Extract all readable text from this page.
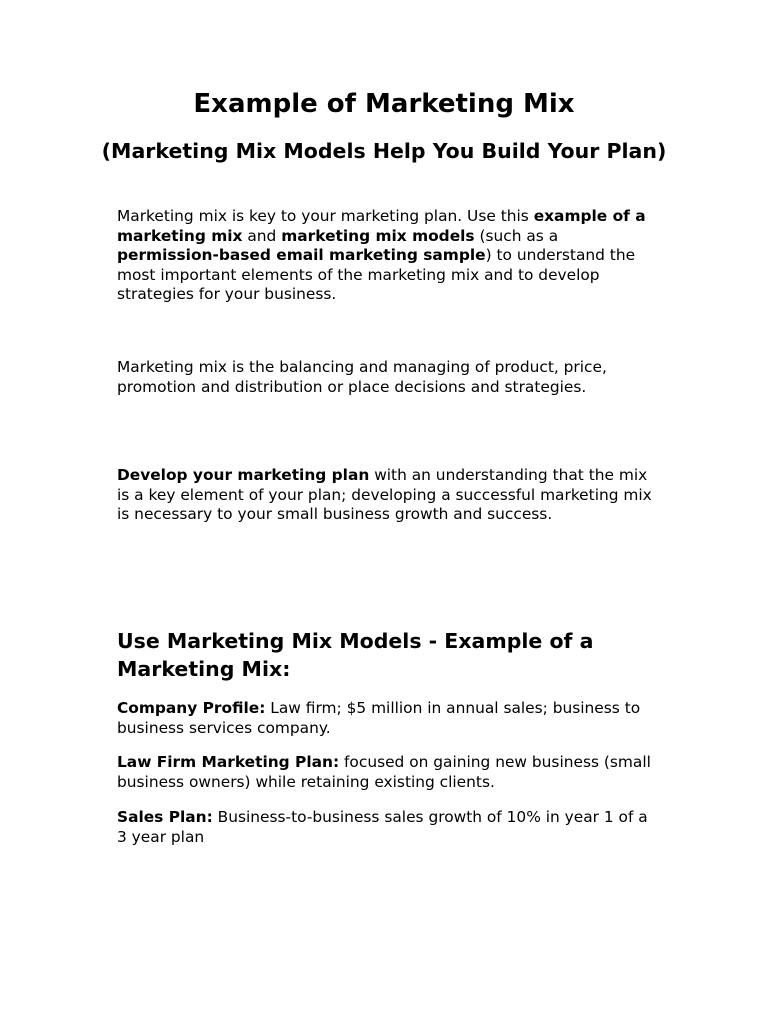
Example of Marketing Mix
(Marketing Mix Models Help You Build Your Plan)

Marketing mix is key to your marketing plan. Use this example of a marketing mix and marketing mix models (such as a permission-based email marketing sample) to understand the most important elements of the marketing mix and to develop strategies for your business.

Marketing mix is the balancing and managing of product, price, promotion and distribution or place decisions and strategies.

Develop your marketing plan with an understanding that the mix is a key element of your plan; developing a successful marketing mix is necessary to your small business growth and success.

Use Marketing Mix Models - Example of a Marketing Mix:

Company Profile: Law firm; $5 million in annual sales; business to business services company.

Law Firm Marketing Plan: focused on gaining new business (small business owners) while retaining existing clients.

Sales Plan: Business-to-business sales growth of 10% in year 1 of a 3 year plan
